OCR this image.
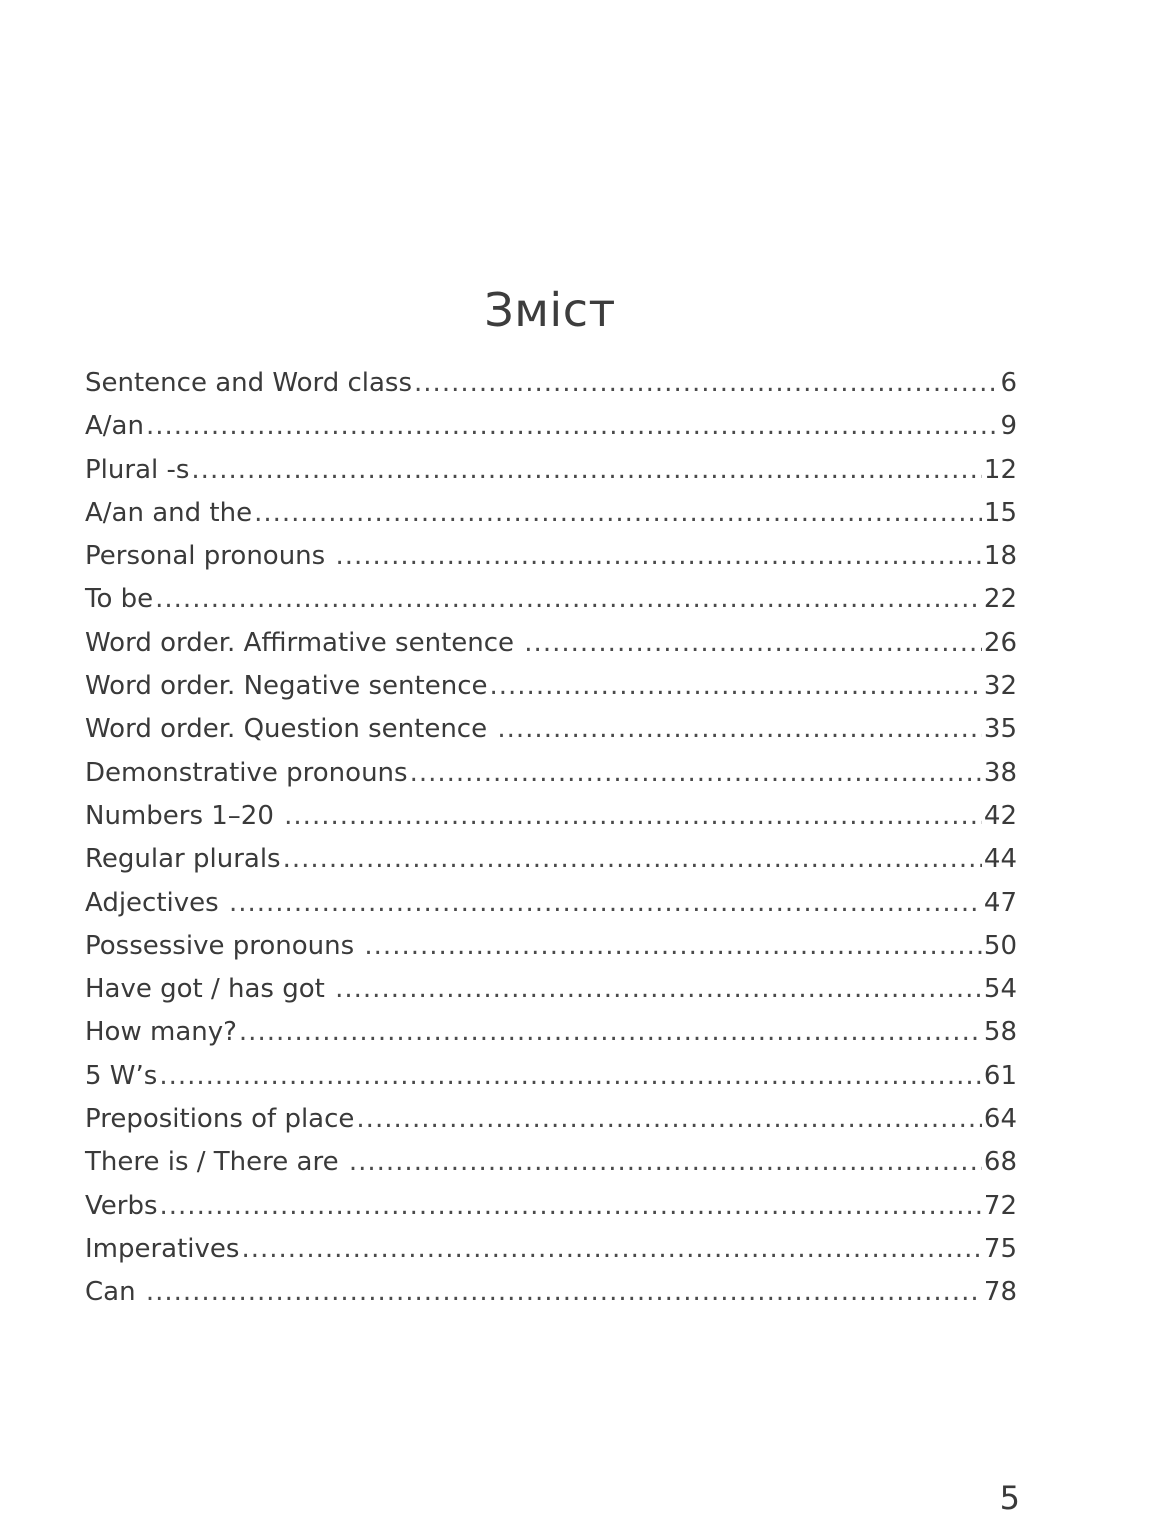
Зміст
Sentence and Word class .....	6
A/an .....	9
Plural -s .....	12
A/an and the .....	15
Personal pronouns .....	18
To be .....	22
Word order. Affirmative sentence .....	26
Word order. Negative sentence .....	32
Word order. Question sentence .....	35
Demonstrative pronouns .....	38
Numbers 1–20 .....	42
Regular plurals .....	44
Adjectives .....	47
Possessive pronouns .....	50
Have got / has got .....	54
How many? .....	58
5 W’s .....	61
Prepositions of place .....	64
There is / There are .....	68
Verbs .....	72
Imperatives .....	75
Can .....	78
5
